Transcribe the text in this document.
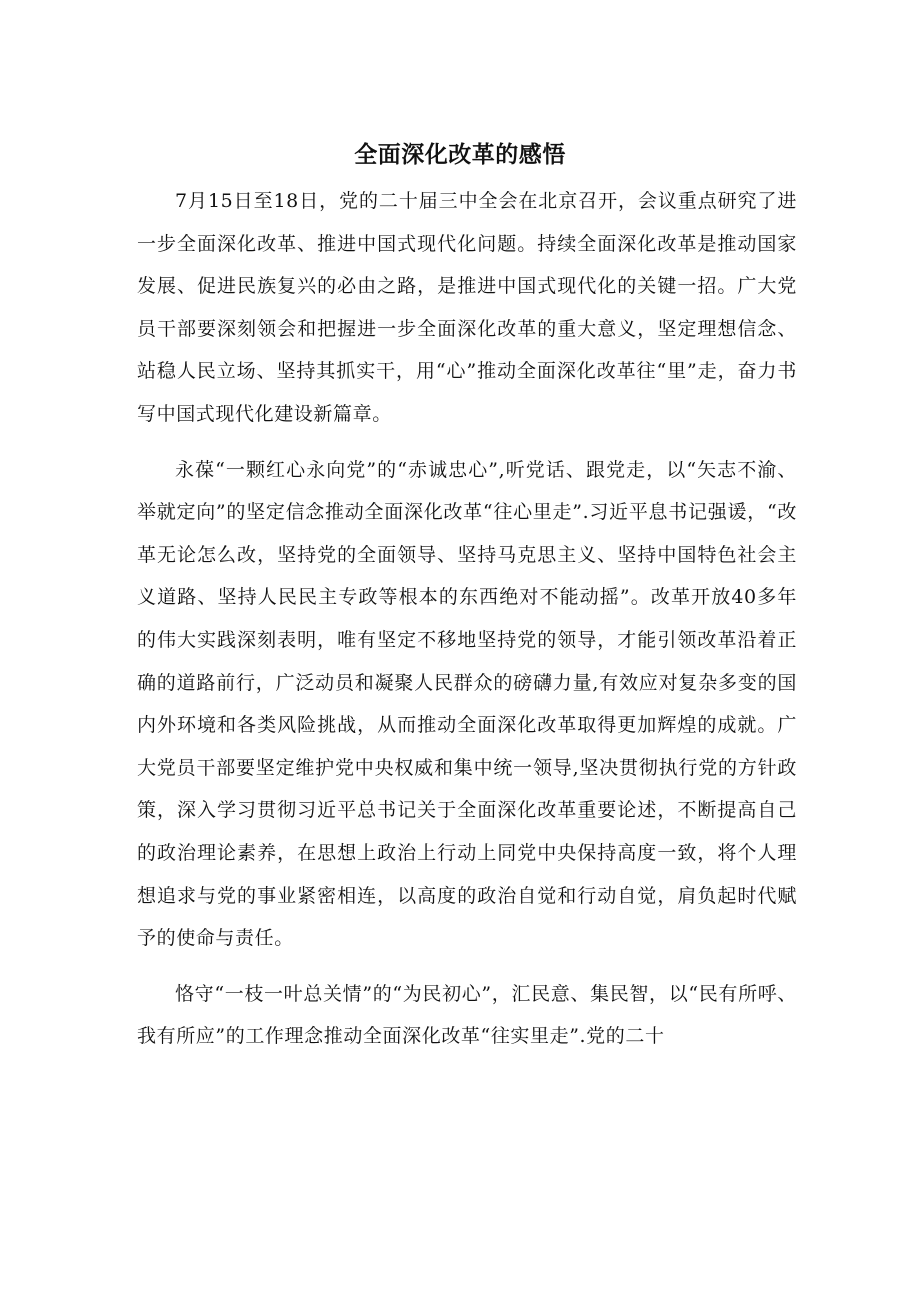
全面深化改革的感悟

7月15日至18日，党的二十届三中全会在北京召开，会议重点研究了进一步全面深化改革、推进中国式现代化问题。持续全面深化改革是推动国家发展、促进民族复兴的必由之路，是推进中国式现代化的关键一招。广大党员干部要深刻领会和把握进一步全面深化改革的重大意义，坚定理想信念、站稳人民立场、坚持其抓实干，用“心”推动全面深化改革往“里”走，奋力书写中国式现代化建设新篇章。

永葆“一颗红心永向党”的“赤诚忠心”,听党话、跟党走，以“矢志不渝、举就定向”的坚定信念推动全面深化改革“往心里走”.习近平息书记强谖，“改革无论怎么改，坚持党的全面领导、坚持马克思主义、坚持中国特色社会主义道路、坚持人民民主专政等根本的东西绝对不能动摇”。改革开放40多年的伟大实践深刻表明，唯有坚定不移地坚持党的领导，才能引领改革沿着正确的道路前行，广泛动员和凝聚人民群众的磅礴力量,有效应对复杂多变的国内外环境和各类风险挑战，从而推动全面深化改革取得更加辉煌的成就。广大党员干部要坚定维护党中央权威和集中统一领导,坚决贯彻执行党的方针政策，深入学习贯彻习近平总书记关于全面深化改革重要论述，不断提高自己的政治理论素养，在思想上政治上行动上同党中央保持高度一致，将个人理想追求与党的事业紧密相连，以高度的政治自觉和行动自觉，肩负起时代赋予的使命与责任。

恪守“一枝一叶总关情”的“为民初心”，汇民意、集民智，以“民有所呼、我有所应”的工作理念推动全面深化改革“往实里走”.党的二十
